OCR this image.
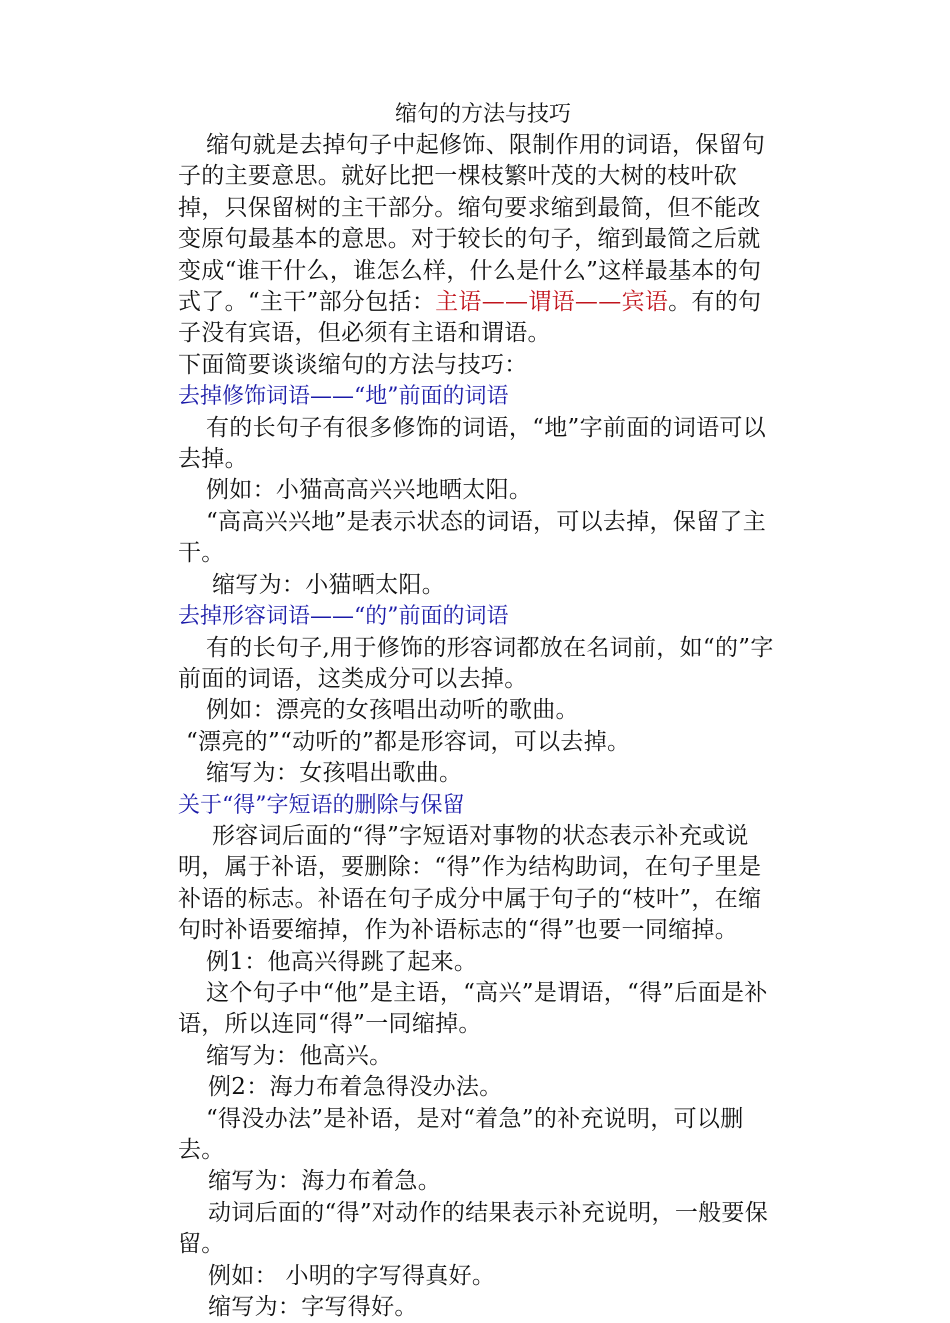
缩句的方法与技巧

缩句就是去掉句子中起修饰、限制作用的词语，保留句子的主要意思。就好比把一棵枝繁叶茂的大树的枝叶砍掉，只保留树的主干部分。缩句要求缩到最简，但不能改变原句最基本的意思。对于较长的句子，缩到最简之后就变成“谁干什么，谁怎么样，什么是什么”这样最基本的句式了。“主干”部分包括：主语——谓语——宾语。有的句子没有宾语，但必须有主语和谓语。

下面简要谈谈缩句的方法与技巧：

去掉修饰词语——“地”前面的词语

有的长句子有很多修饰的词语，“地”字前面的词语可以去掉。

例如：小猫高高兴兴地晒太阳。

“高高兴兴地”是表示状态的词语，可以去掉，保留了主干。

缩写为：小猫晒太阳。

去掉形容词语——“的”前面的词语

有的长句子,用于修饰的形容词都放在名词前，如“的”字前面的词语，这类成分可以去掉。

例如：漂亮的女孩唱出动听的歌曲。

“漂亮的”“动听的”都是形容词，可以去掉。

缩写为：女孩唱出歌曲。

关于“得”字短语的删除与保留

形容词后面的“得”字短语对事物的状态表示补充或说明，属于补语，要删除：“得”作为结构助词，在句子里是补语的标志。补语在句子成分中属于句子的“枝叶”，在缩句时补语要缩掉，作为补语标志的“得”也要一同缩掉。

例1：他高兴得跳了起来。

这个句子中“他”是主语，“高兴”是谓语，“得”后面是补语，所以连同“得”一同缩掉。

缩写为：他高兴。

例2：海力布着急得没办法。

“得没办法”是补语，是对“着急”的补充说明，可以删去。

缩写为：海力布着急。

动词后面的“得”对动作的结果表示补充说明，一般要保留。

例如： 小明的字写得真好。

缩写为：字写得好。
